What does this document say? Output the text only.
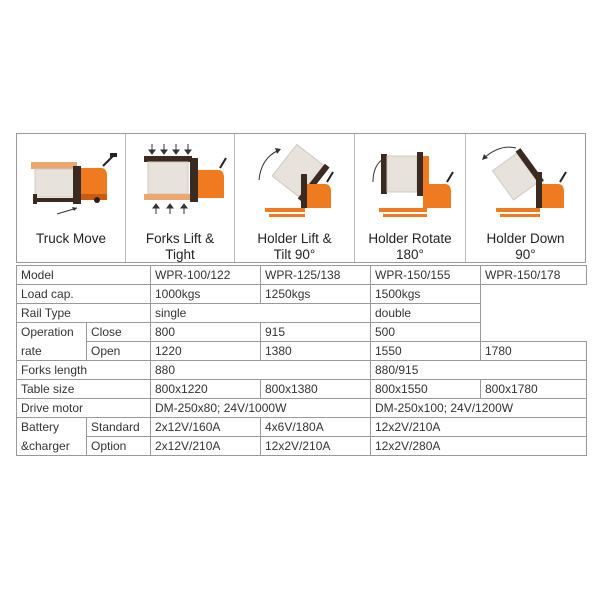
Truck Move	Forks Lift &
Tight
Holder Lift &
Tilt 90°
Holder Rotate
180°
Holder Down
90°
Model		WPR-100/122	WPR-125/138	WPR-150/155	WPR-150/178
Load cap.		1000kgs	1250kgs	1500kgs	
Rail Type		single		double	
Operation	Close	800	915	500	
rate	Open	1220	1380	1550	1780
Forks length		880		880/915	
Table size		800x1220	800x1380	800x1550	800x1780
Drive motor		DM-250x80; 24V/1000W		DM-250x100; 24V/1200W	
Battery	Standard	2x12V/160A	4x6V/180A	12x2V/210A	
&charger	Option	2x12V/210A	12x2V/210A	12x2V/280A	
